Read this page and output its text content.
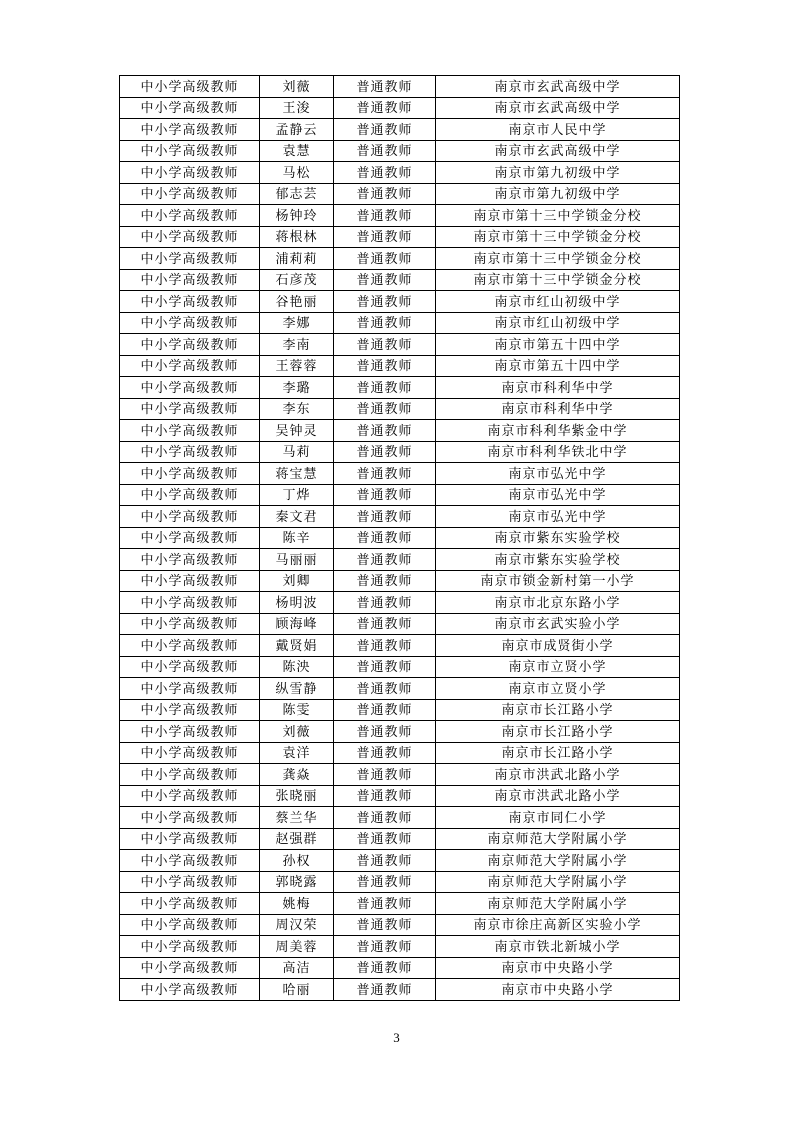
中小学高级教师	刘薇	普通教师	南京市玄武高级中学
中小学高级教师	王浚	普通教师	南京市玄武高级中学
中小学高级教师	孟静云	普通教师	南京市人民中学
中小学高级教师	袁慧	普通教师	南京市玄武高级中学
中小学高级教师	马松	普通教师	南京市第九初级中学
中小学高级教师	郁志芸	普通教师	南京市第九初级中学
中小学高级教师	杨钟玲	普通教师	南京市第十三中学锁金分校
中小学高级教师	蒋根林	普通教师	南京市第十三中学锁金分校
中小学高级教师	浦莉莉	普通教师	南京市第十三中学锁金分校
中小学高级教师	石彦茂	普通教师	南京市第十三中学锁金分校
中小学高级教师	谷艳丽	普通教师	南京市红山初级中学
中小学高级教师	李娜	普通教师	南京市红山初级中学
中小学高级教师	李南	普通教师	南京市第五十四中学
中小学高级教师	王蓉蓉	普通教师	南京市第五十四中学
中小学高级教师	李璐	普通教师	南京市科利华中学
中小学高级教师	李东	普通教师	南京市科利华中学
中小学高级教师	吴钟灵	普通教师	南京市科利华紫金中学
中小学高级教师	马莉	普通教师	南京市科利华铁北中学
中小学高级教师	蒋宝慧	普通教师	南京市弘光中学
中小学高级教师	丁烨	普通教师	南京市弘光中学
中小学高级教师	秦文君	普通教师	南京市弘光中学
中小学高级教师	陈辛	普通教师	南京市紫东实验学校
中小学高级教师	马丽丽	普通教师	南京市紫东实验学校
中小学高级教师	刘卿	普通教师	南京市锁金新村第一小学
中小学高级教师	杨明波	普通教师	南京市北京东路小学
中小学高级教师	顾海峰	普通教师	南京市玄武实验小学
中小学高级教师	戴贤娟	普通教师	南京市成贤街小学
中小学高级教师	陈泱	普通教师	南京市立贤小学
中小学高级教师	纵雪静	普通教师	南京市立贤小学
中小学高级教师	陈雯	普通教师	南京市长江路小学
中小学高级教师	刘薇	普通教师	南京市长江路小学
中小学高级教师	袁洋	普通教师	南京市长江路小学
中小学高级教师	龚焱	普通教师	南京市洪武北路小学
中小学高级教师	张晓丽	普通教师	南京市洪武北路小学
中小学高级教师	蔡兰华	普通教师	南京市同仁小学
中小学高级教师	赵强群	普通教师	南京师范大学附属小学
中小学高级教师	孙权	普通教师	南京师范大学附属小学
中小学高级教师	郭晓露	普通教师	南京师范大学附属小学
中小学高级教师	姚梅	普通教师	南京师范大学附属小学
中小学高级教师	周汉荣	普通教师	南京市徐庄高新区实验小学
中小学高级教师	周美蓉	普通教师	南京市铁北新城小学
中小学高级教师	高洁	普通教师	南京市中央路小学
中小学高级教师	哈丽	普通教师	南京市中央路小学
3
